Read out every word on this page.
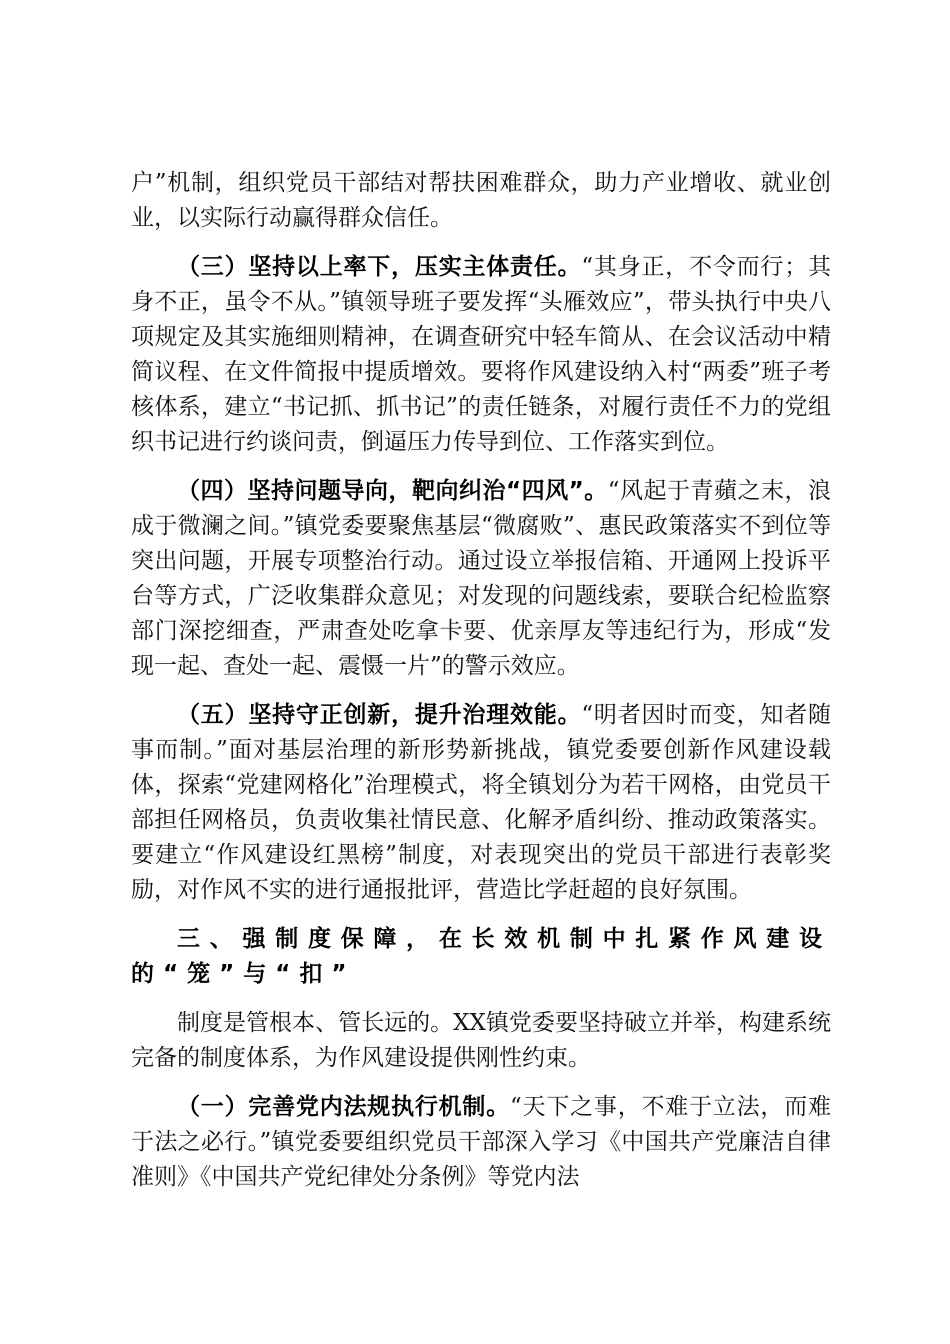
户”机制，组织党员干部结对帮扶困难群众，助力产业增收、就业创业，以实际行动赢得群众信任。

（三）坚持以上率下，压实主体责任。“其身正，不令而行；其身不正，虽令不从。”镇领导班子要发挥“头雁效应”，带头执行中央八项规定及其实施细则精神，在调查研究中轻车简从、在会议活动中精简议程、在文件简报中提质增效。要将作风建设纳入村“两委”班子考核体系，建立“书记抓、抓书记”的责任链条，对履行责任不力的党组织书记进行约谈问责，倒逼压力传导到位、工作落实到位。

（四）坚持问题导向，靶向纠治“四风”。“风起于青蘋之末，浪成于微澜之间。”镇党委要聚焦基层“微腐败”、惠民政策落实不到位等突出问题，开展专项整治行动。通过设立举报信箱、开通网上投诉平台等方式，广泛收集群众意见；对发现的问题线索，要联合纪检监察部门深挖细查，严肃查处吃拿卡要、优亲厚友等违纪行为，形成“发现一起、查处一起、震慑一片”的警示效应。

（五）坚持守正创新，提升治理效能。“明者因时而变，知者随事而制。”面对基层治理的新形势新挑战，镇党委要创新作风建设载体，探索“党建网格化”治理模式，将全镇划分为若干网格，由党员干部担任网格员，负责收集社情民意、化解矛盾纠纷、推动政策落实。要建立“作风建设红黑榜”制度，对表现突出的党员干部进行表彰奖励，对作风不实的进行通报批评，营造比学赶超的良好氛围。

三、强制度保障，在长效机制中扎紧作风建设的“笼”与“扣”

制度是管根本、管长远的。XX镇党委要坚持破立并举，构建系统完备的制度体系，为作风建设提供刚性约束。

（一）完善党内法规执行机制。“天下之事，不难于立法，而难于法之必行。”镇党委要组织党员干部深入学习《中国共产党廉洁自律准则》《中国共产党纪律处分条例》等党内法
